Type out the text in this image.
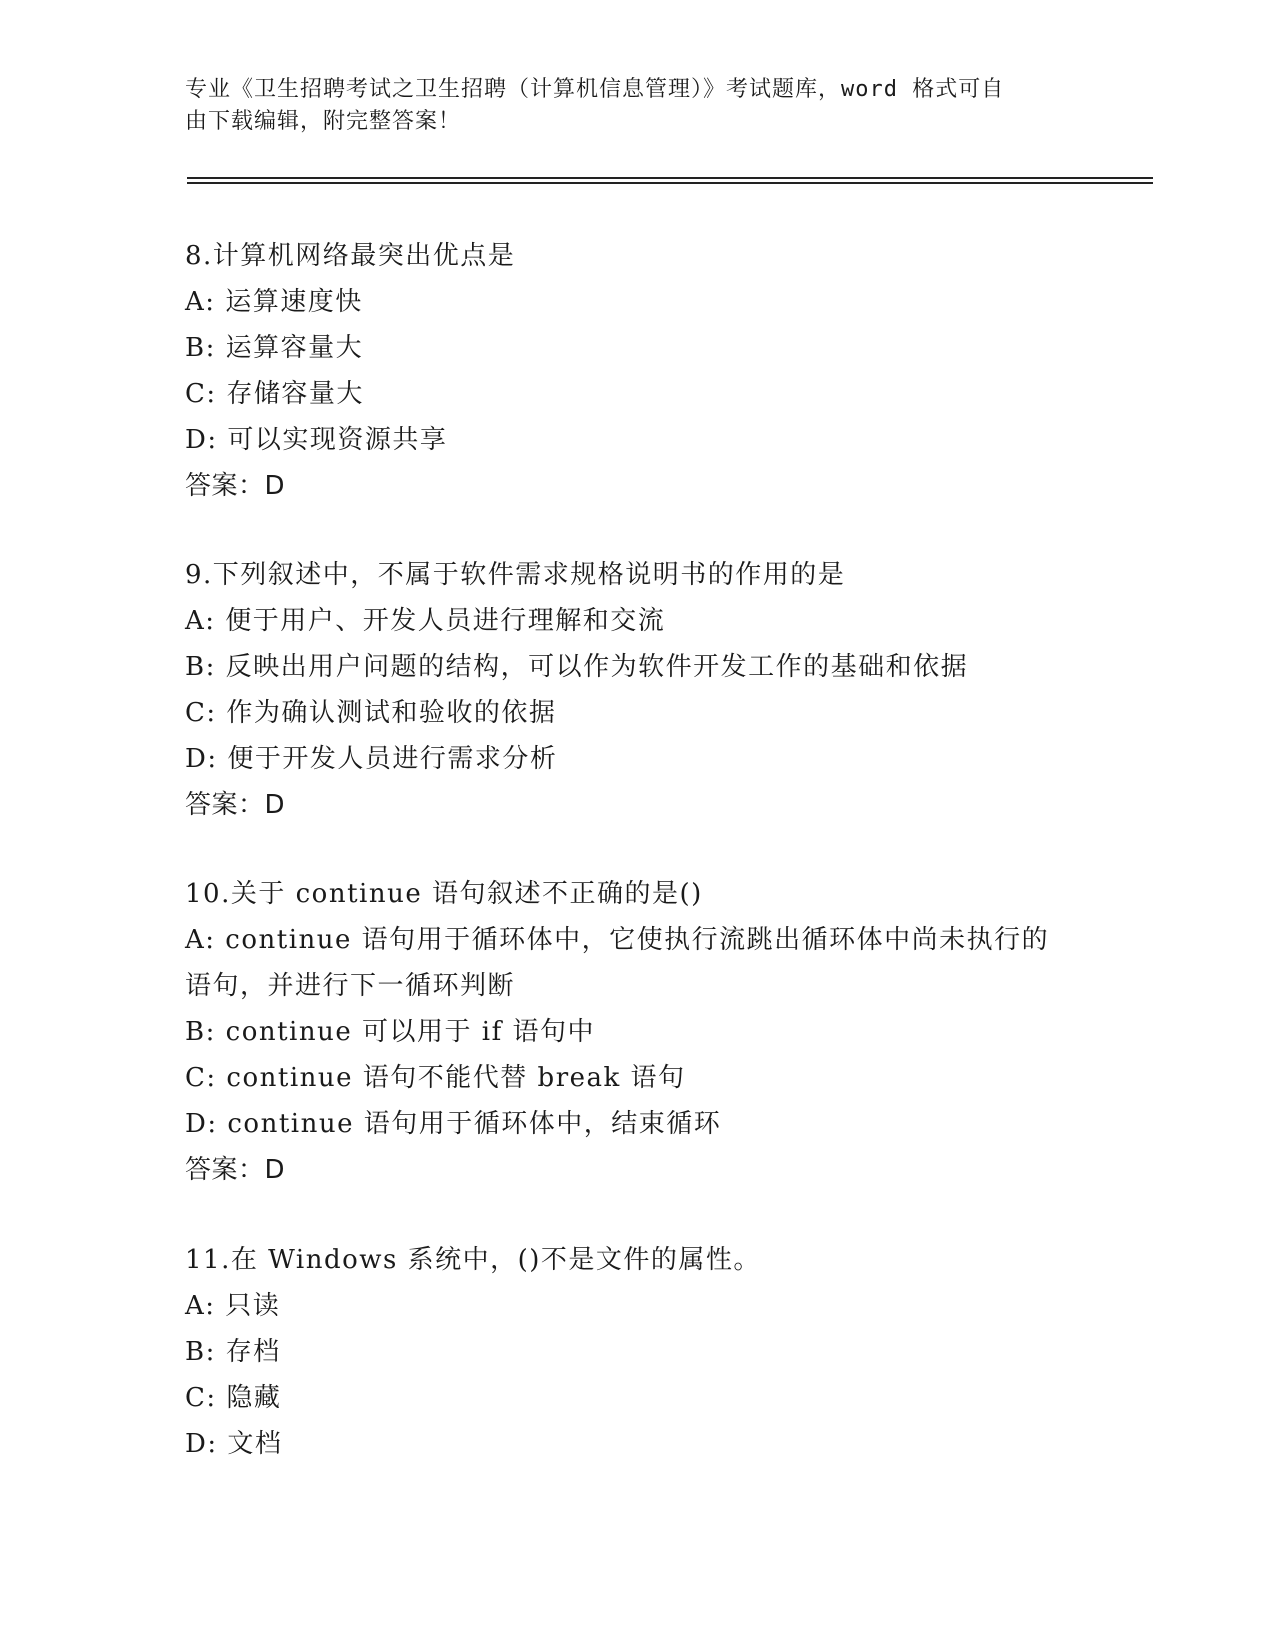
专业《卫生招聘考试之卫生招聘（计算机信息管理）》考试题库，word 格式可自
由下载编辑，附完整答案！
8.计算机网络最突出优点是
A: 运算速度快
B: 运算容量大
C: 存储容量大
D: 可以实现资源共享
答案：D
9.下列叙述中，不属于软件需求规格说明书的作用的是
A: 便于用户、开发人员进行理解和交流
B: 反映出用户问题的结构，可以作为软件开发工作的基础和依据
C: 作为确认测试和验收的依据
D: 便于开发人员进行需求分析
答案：D
10.关于 continue 语句叙述不正确的是()
A: continue 语句用于循环体中，它使执行流跳出循环体中尚未执行的
语句，并进行下一循环判断
B: continue 可以用于 if 语句中
C: continue 语句不能代替 break 语句
D: continue 语句用于循环体中，结束循环
答案：D
11.在 Windows 系统中，()不是文件的属性。
A: 只读
B: 存档
C: 隐藏
D: 文档
